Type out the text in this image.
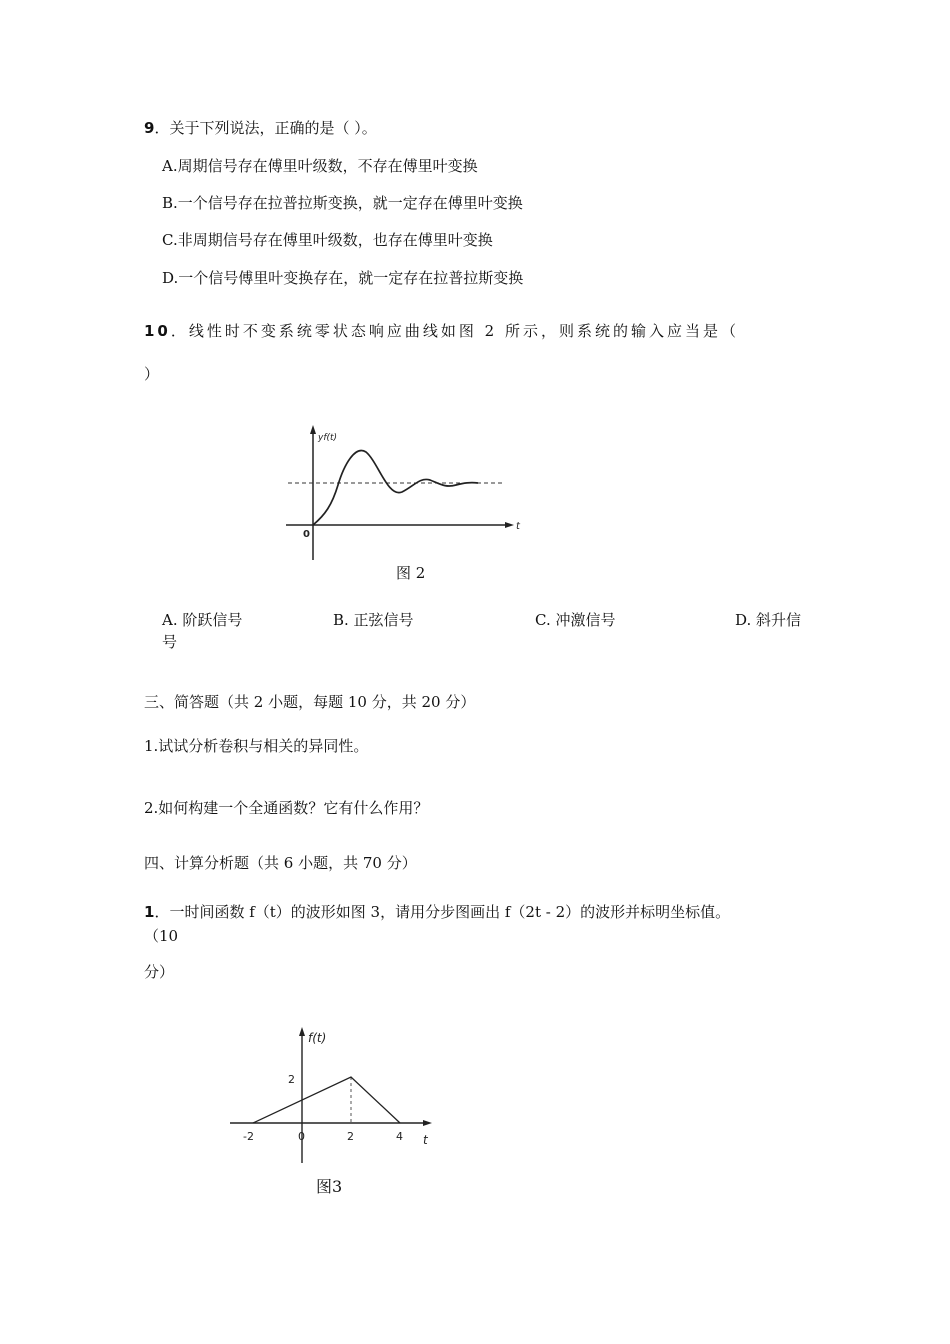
9．关于下列说法，正确的是（ ）。
A.周期信号存在傅里叶级数，不存在傅里叶变换
B.一个信号存在拉普拉斯变换，就一定存在傅里叶变换
C.非周期信号存在傅里叶级数，也存在傅里叶变换
D.一个信号傅里叶变换存在，就一定存在拉普拉斯变换
10．线性时不变系统零状态响应曲线如图 2 所示，则系统的输入应当是（
）
yf(t)
0
t
图 2
A. 阶跃信号	B. 正弦信号	C. 冲激信号	D. 斜升信
号
三、简答题（共 2 小题，每题 10 分，共 20 分）
1.试试分析卷积与相关的异同性。
2.如何构建一个全通函数？它有什么作用？
四、计算分析题（共 6 小题，共 70 分）
1．一时间函数 f（t）的波形如图 3，请用分步图画出 f（2t - 2）的波形并标明坐标值。
（10
分）
-2	0	2	4
f(t)
2
t
图3
